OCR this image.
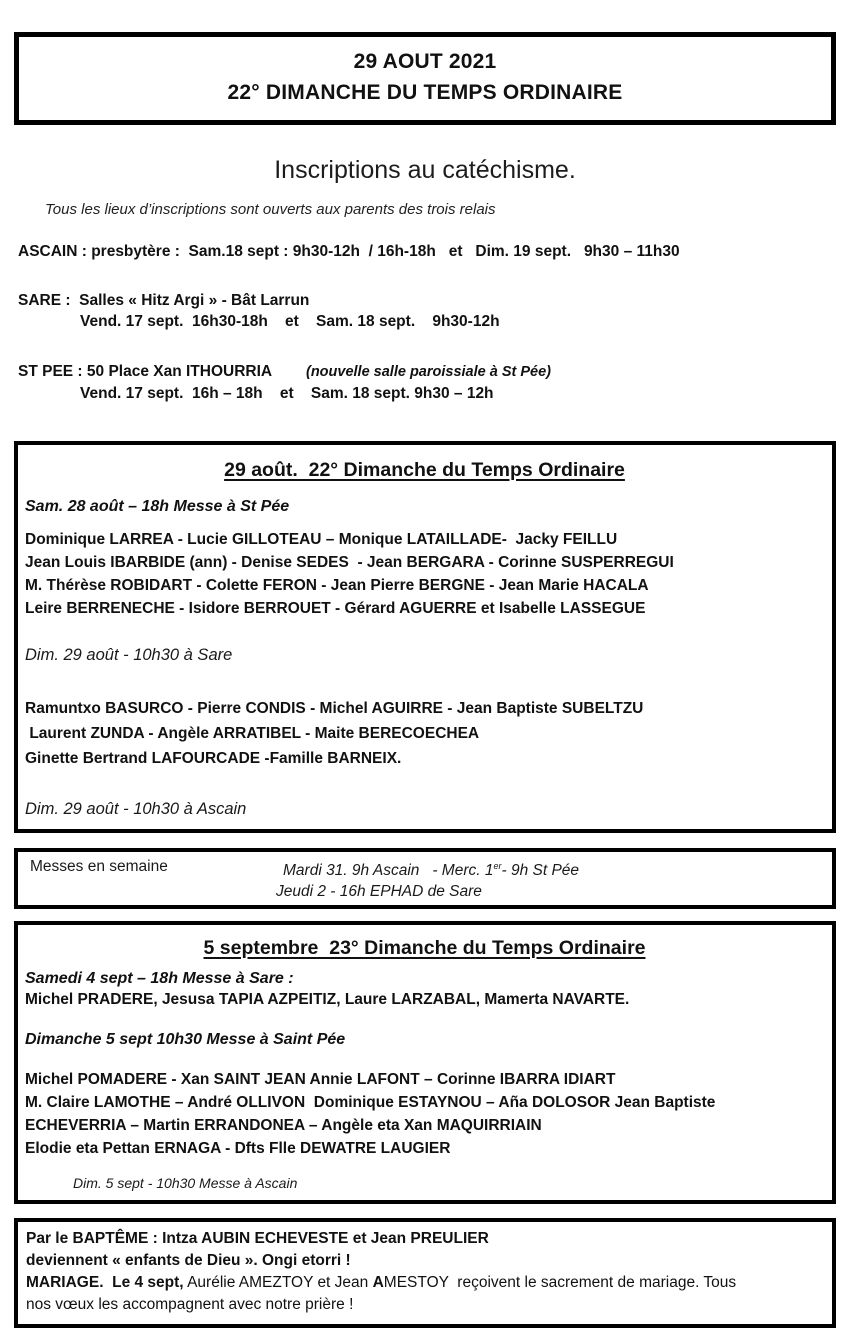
29 AOUT 2021
22° DIMANCHE DU TEMPS ORDINAIRE
Inscriptions au catéchisme.
Tous les lieux d’inscriptions sont ouverts aux parents des trois relais
ASCAIN : presbytère :  Sam.18 sept : 9h30-12h  / 16h-18h   et   Dim. 19 sept.   9h30 – 11h30
SARE :  Salles « Hitz Argi » - Bât Larrun
Vend. 17 sept.  16h30-18h    et    Sam. 18 sept.    9h30-12h
ST PEE : 50 Place Xan ITHOURRIA        (nouvelle salle paroissiale à St Pée)
Vend. 17 sept.  16h – 18h    et    Sam. 18 sept. 9h30 – 12h
29 août.  22° Dimanche du Temps Ordinaire
Sam. 28 août – 18h Messe à St Pée
Dominique LARREA - Lucie GILLOTEAU – Monique LATAILLADE-  Jacky FEILLU
Jean Louis IBARBIDE (ann) - Denise SEDES  - Jean BERGARA - Corinne SUSPERREGUI
M. Thérèse ROBIDART - Colette FERON - Jean Pierre BERGNE - Jean Marie HACALA
Leire BERRENECHE - Isidore BERROUET - Gérard AGUERRE et Isabelle LASSEGUE
Dim. 29 août - 10h30 à Sare
Ramuntxo BASURCO - Pierre CONDIS - Michel AGUIRRE - Jean Baptiste SUBELTZU
Laurent ZUNDA - Angèle ARRATIBEL - Maite BERECOECHEA
Ginette Bertrand LAFOURCADE -Famille BARNEIX.
Dim. 29 août - 10h30 à Ascain
Messes en semaine	Mardi 31. 9h Ascain   - Merc. 1er- 9h St Pée
Jeudi 2 - 16h EPHAD de Sare
5 septembre  23° Dimanche du Temps Ordinaire
Samedi 4 sept – 18h Messe à Sare :
Michel PRADERE, Jesusa TAPIA AZPEITIZ, Laure LARZABAL, Mamerta NAVARTE.
Dimanche 5 sept 10h30 Messe à Saint Pée
Michel POMADERE - Xan SAINT JEAN Annie LAFONT – Corinne IBARRA IDIART
M. Claire LAMOTHE – André OLLIVON  Dominique ESTAYNOU – Aña DOLOSOR Jean Baptiste
ECHEVERRIA – Martin ERRANDONEA – Angèle eta Xan MAQUIRRIAIN
Elodie eta Pettan ERNAGA - Dfts Flle DEWATRE LAUGIER
Dim. 5 sept - 10h30 Messe à Ascain
Par le BAPTÊME : Intza AUBIN ECHEVESTE et Jean PREULIER
deviennent « enfants de Dieu ». Ongi etorri !
MARIAGE.  Le 4 sept, Aurélie AMEZTOY et Jean AMESTOY  reçoivent le sacrement de mariage. Tous
nos vœux les accompagnent avec notre prière !
